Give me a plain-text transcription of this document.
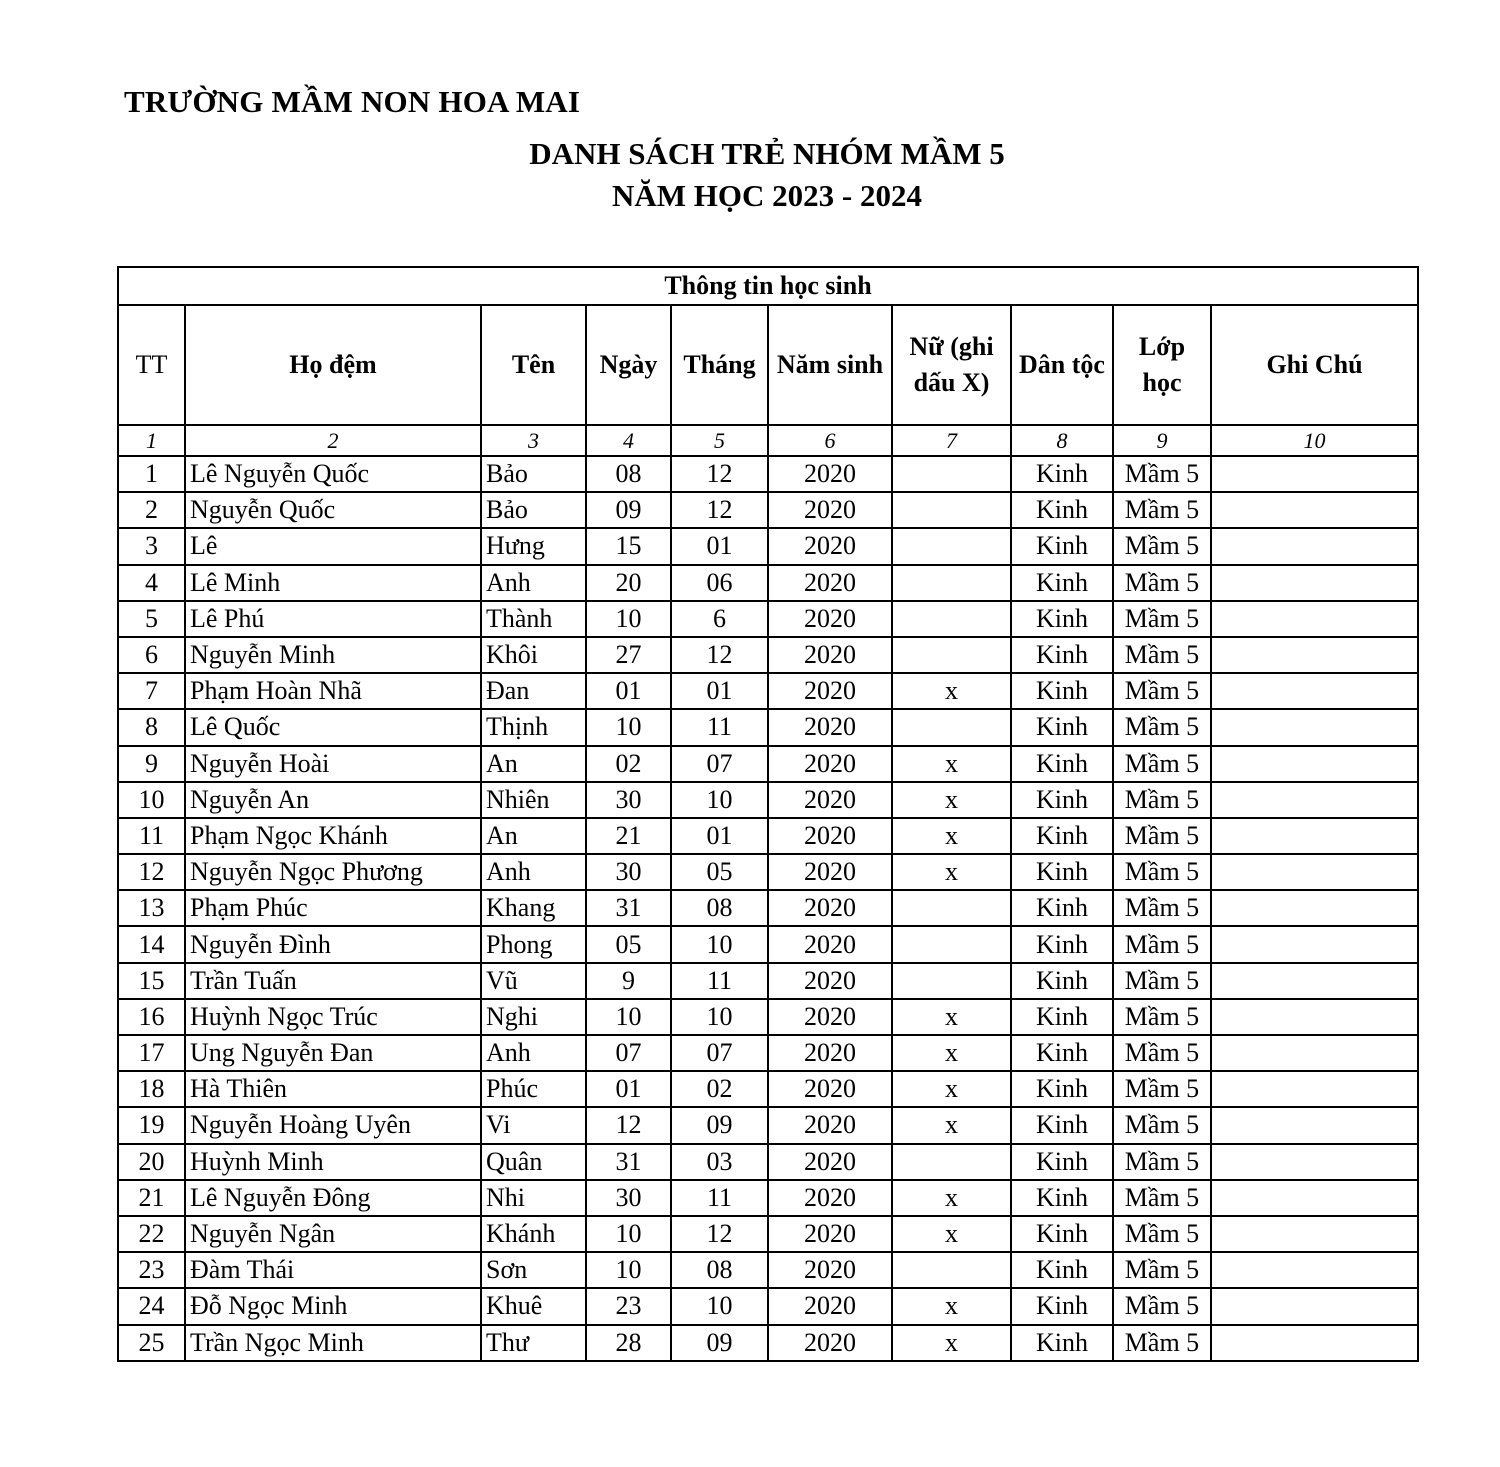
TRƯỜNG MẦM NON HOA MAI
DANH SÁCH TRẺ NHÓM MẦM 5
NĂM HỌC 2023 - 2024
Thông tin học sinh									
TT	Họ đệm	Tên	Ngày	Tháng	Năm sinh	Nữ (ghi dấu X)	Dân tộc	Lớp học	Ghi Chú
1	2	3	4	5	6	7	8	9	10
1	Lê Nguyễn Quốc	Bảo	08	12	2020		Kinh	Mầm 5	
2	Nguyễn Quốc	Bảo	09	12	2020		Kinh	Mầm 5	
3	Lê	Hưng	15	01	2020		Kinh	Mầm 5	
4	Lê Minh	Anh	20	06	2020		Kinh	Mầm 5	
5	Lê Phú	Thành	10	6	2020		Kinh	Mầm 5	
6	Nguyễn Minh	Khôi	27	12	2020		Kinh	Mầm 5	
7	Phạm Hoàn Nhã	Đan	01	01	2020	x	Kinh	Mầm 5	
8	Lê Quốc	Thịnh	10	11	2020		Kinh	Mầm 5	
9	Nguyễn Hoài	An	02	07	2020	x	Kinh	Mầm 5	
10	Nguyễn An	Nhiên	30	10	2020	x	Kinh	Mầm 5	
11	Phạm Ngọc Khánh	An	21	01	2020	x	Kinh	Mầm 5	
12	Nguyễn Ngọc Phương	Anh	30	05	2020	x	Kinh	Mầm 5	
13	Phạm Phúc	Khang	31	08	2020		Kinh	Mầm 5	
14	Nguyễn Đình	Phong	05	10	2020		Kinh	Mầm 5	
15	Trần Tuấn	Vũ	9	11	2020		Kinh	Mầm 5	
16	Huỳnh Ngọc Trúc	Nghi	10	10	2020	x	Kinh	Mầm 5	
17	Ung Nguyễn Đan	Anh	07	07	2020	x	Kinh	Mầm 5	
18	Hà Thiên	Phúc	01	02	2020	x	Kinh	Mầm 5	
19	Nguyễn Hoàng Uyên	Vi	12	09	2020	x	Kinh	Mầm 5	
20	Huỳnh Minh	Quân	31	03	2020		Kinh	Mầm 5	
21	Lê Nguyễn Đông	Nhi	30	11	2020	x	Kinh	Mầm 5	
22	Nguyễn Ngân	Khánh	10	12	2020	x	Kinh	Mầm 5	
23	Đàm Thái	Sơn	10	08	2020		Kinh	Mầm 5	
24	Đỗ Ngọc Minh	Khuê	23	10	2020	x	Kinh	Mầm 5	
25	Trần Ngọc Minh	Thư	28	09	2020	x	Kinh	Mầm 5	
